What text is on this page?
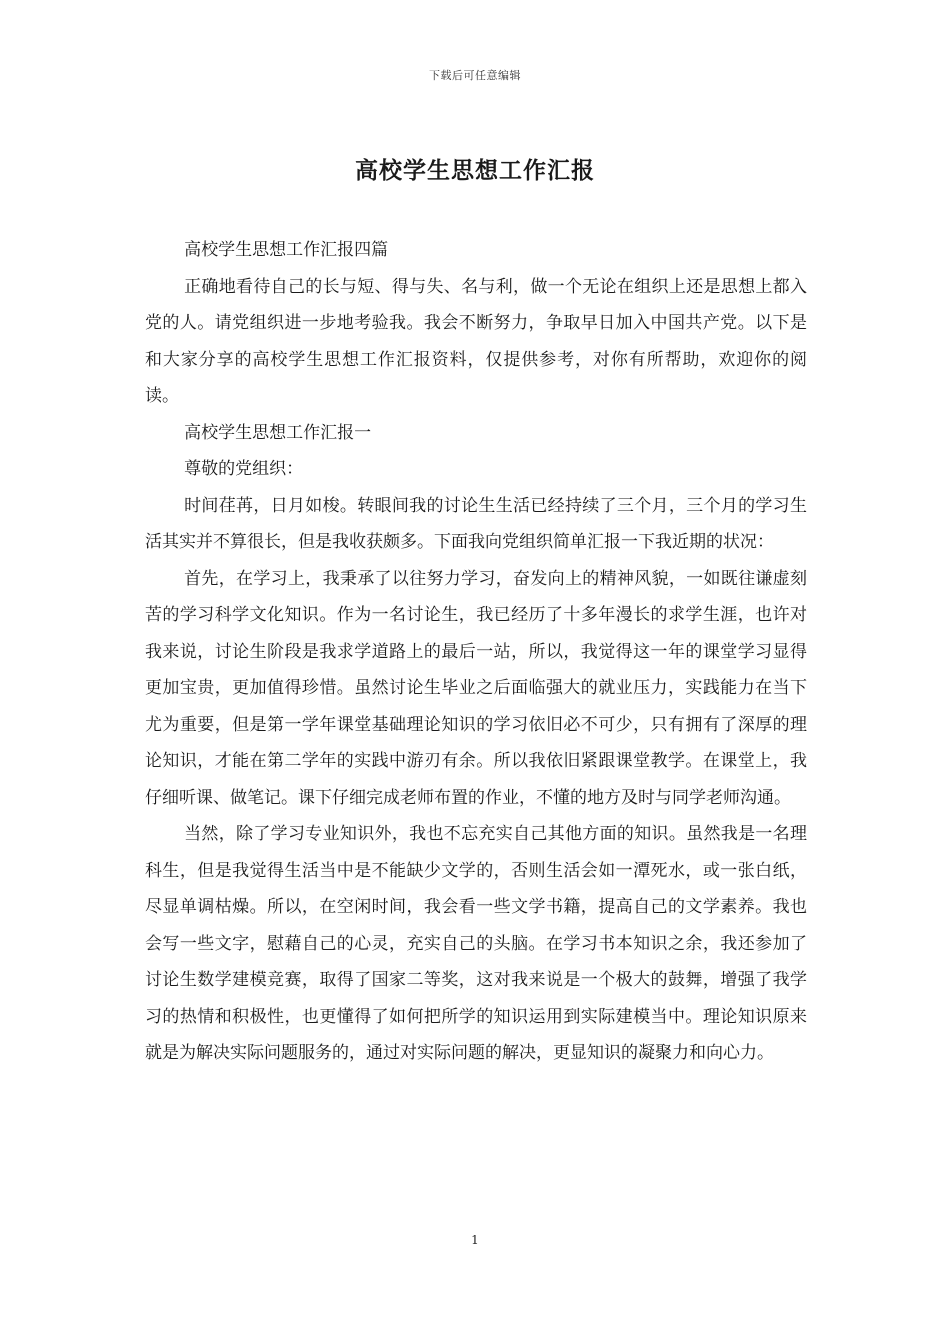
下载后可任意编辑
高校学生思想工作汇报

高校学生思想工作汇报四篇

正确地看待自己的长与短、得与失、名与利，做一个无论在组织上还是思想上都入党的人。请党组织进一步地考验我。我会不断努力，争取早日加入中国共产党。以下是和大家分享的高校学生思想工作汇报资料，仅提供参考，对你有所帮助，欢迎你的阅读。

高校学生思想工作汇报一

尊敬的党组织：

时间荏苒，日月如梭。转眼间我的讨论生生活已经持续了三个月，三个月的学习生活其实并不算很长，但是我收获颇多。下面我向党组织简单汇报一下我近期的状况：

首先，在学习上，我秉承了以往努力学习，奋发向上的精神风貌，一如既往谦虚刻苦的学习科学文化知识。作为一名讨论生，我已经历了十多年漫长的求学生涯，也许对我来说，讨论生阶段是我求学道路上的最后一站，所以，我觉得这一年的课堂学习显得更加宝贵，更加值得珍惜。虽然讨论生毕业之后面临强大的就业压力，实践能力在当下尤为重要，但是第一学年课堂基础理论知识的学习依旧必不可少，只有拥有了深厚的理论知识，才能在第二学年的实践中游刃有余。所以我依旧紧跟课堂教学。在课堂上，我仔细听课、做笔记。课下仔细完成老师布置的作业，不懂的地方及时与同学老师沟通。

当然，除了学习专业知识外，我也不忘充实自己其他方面的知识。虽然我是一名理科生，但是我觉得生活当中是不能缺少文学的，否则生活会如一潭死水，或一张白纸，尽显单调枯燥。所以，在空闲时间，我会看一些文学书籍，提高自己的文学素养。我也会写一些文字，慰藉自己的心灵，充实自己的头脑。在学习书本知识之余，我还参加了讨论生数学建模竞赛，取得了国家二等奖，这对我来说是一个极大的鼓舞，增强了我学习的热情和积极性，也更懂得了如何把所学的知识运用到实际建模当中。理论知识原来就是为解决实际问题服务的，通过对实际问题的解决，更显知识的凝聚力和向心力。

1
